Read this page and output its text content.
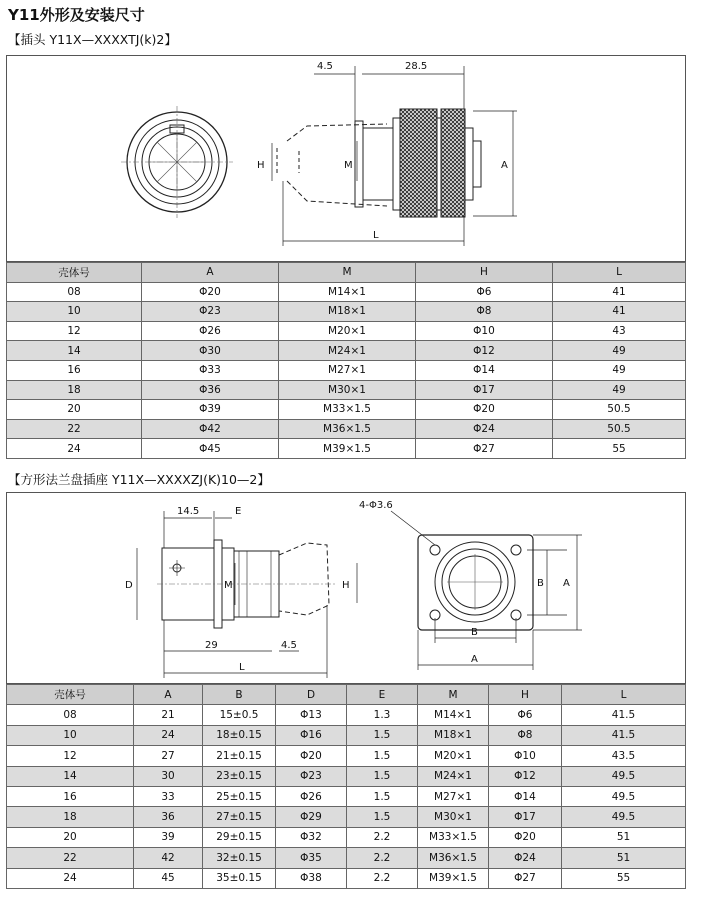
Y11外形及安装尺寸
【插头 Y11X—XXXXTJ(k)2】
4.5	28.5
H	M	A
L
壳体号	A	M	H	L
08	Φ20	M14×1	Φ6	41
10	Φ23	M18×1	Φ8	41
12	Φ26	M20×1	Φ10	43
14	Φ30	M24×1	Φ12	49
16	Φ33	M27×1	Φ14	49
18	Φ36	M30×1	Φ17	49
20	Φ39	M33×1.5	Φ20	50.5
22	Φ42	M36×1.5	Φ24	50.5
24	Φ45	M39×1.5	Φ27	55
【方形法兰盘插座 Y11X—XXXXZJ(K)10—2】
14.5	E
D	M	H
29	4.5
L
4-Φ3.6
B A
B
A
壳体号	A	B	D	E	M	H	L
08	21	15±0.5	Φ13	1.3	M14×1	Φ6	41.5
10	24	18±0.15	Φ16	1.5	M18×1	Φ8	41.5
12	27	21±0.15	Φ20	1.5	M20×1	Φ10	43.5
14	30	23±0.15	Φ23	1.5	M24×1	Φ12	49.5
16	33	25±0.15	Φ26	1.5	M27×1	Φ14	49.5
18	36	27±0.15	Φ29	1.5	M30×1	Φ17	49.5
20	39	29±0.15	Φ32	2.2	M33×1.5	Φ20	51
22	42	32±0.15	Φ35	2.2	M36×1.5	Φ24	51
24	45	35±0.15	Φ38	2.2	M39×1.5	Φ27	55
